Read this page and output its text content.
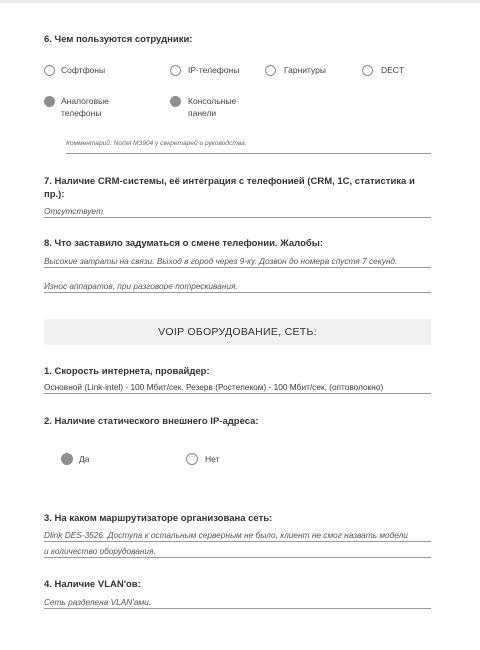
6. Чем пользуются сотрудники:
Софтфоны	IP-телефоны	Гарнитуры	DECT
Аналоговые телефоны
Консольные панели
Комментарий: Nortel M3904 у секретарей и руководства.
7. Наличие CRM-системы, её интеграция с телефонией (CRM, 1С, статистика и пр.):
Отсутствует
8. Что заставило задуматься о смене телефонии. Жалобы:
Высокие затраты на связи. Выход в город через 9-ку. Дозвон до номера спустя 7 секунд.
Износ аппаратов, при разговоре потрескивания.
VOIP ОБОРУДОВАНИЕ, СЕТЬ:
1. Скорость интернета, провайдер:
Основной (Link-intel) - 100 Мбит/сек. Резерв (Ростелеком) - 100 Мбит/сек. (оптоволокно)
2. Наличие статического внешнего IP-адреса:
Да	Нет
3. На каком маршрутизаторе организована сеть:
Dlink DES-3526. Доступа к остальным серверным не было, клиент не смог назвать модели
и количество оборудования.
4. Наличие VLAN'ов:
Сеть разделена VLAN'ами.
